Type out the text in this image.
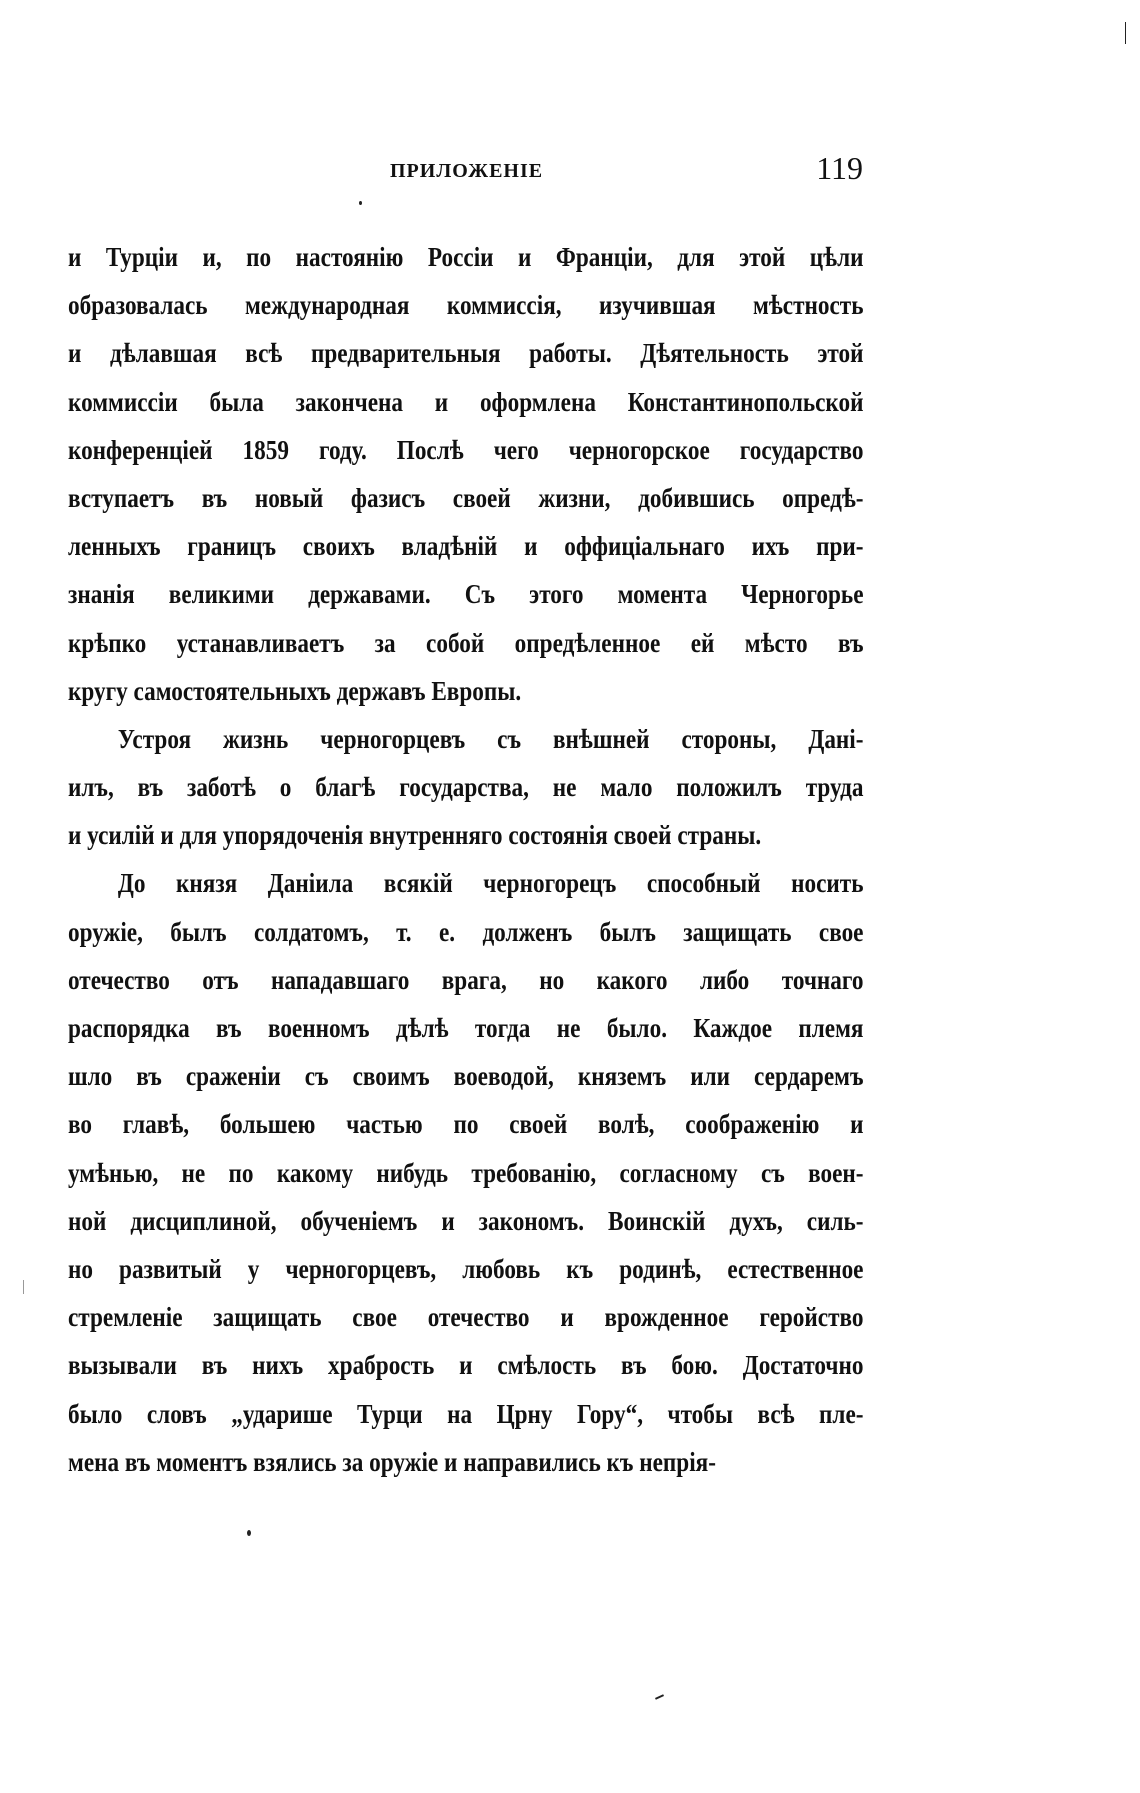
ПРИЛОЖЕНІЕ	119
и Турціи и, по настоянію Россіи и Франціи, для этой цѣли
образовалась международная коммиссія, изучившая мѣстность
и дѣлавшая всѣ предварительныя работы. Дѣятельность этой
коммиссіи была закончена и оформлена Константинопольской
конференціей 1859 году. Послѣ чего черногорское государство
вступаетъ въ новый фазисъ своей жизни, добившись опредѣ-
ленныхъ границъ своихъ владѣній и оффиціальнаго ихъ при-
знанія великими державами. Съ этого момента Черногорье
крѣпко устанавливаетъ за собой опредѣленное ей мѣсто въ
кругу самостоятельныхъ державъ Европы.
Устроя жизнь черногорцевъ съ внѣшней стороны, Дані-
илъ, въ заботѣ о благѣ государства, не мало положилъ труда
и усилій и для упорядоченія внутренняго состоянія своей страны.
До князя Даніила всякій черногорецъ способный носить
оружіе, былъ солдатомъ, т. е. долженъ былъ защищать свое
отечество отъ нападавшаго врага, но какого либо точнаго
распорядка въ военномъ дѣлѣ тогда не было. Каждое племя
шло въ сраженіи съ своимъ воеводой, княземъ или сердаремъ
во главѣ, большею частью по своей волѣ, соображенію и
умѣнью, не по какому нибудь требованію, согласному съ воен-
ной дисциплиной, обученіемъ и закономъ. Воинскій духъ, силь-
но развитый у черногорцевъ, любовь къ родинѣ, естественное
стремленіе защищать свое отечество и врожденное геройство
вызывали въ нихъ храбрость и смѣлость въ бою. Достаточно
было словъ „ударише Турци на Црну Гору“, чтобы всѣ пле-
мена въ моментъ взялись за оружіе и направились къ непрія-
